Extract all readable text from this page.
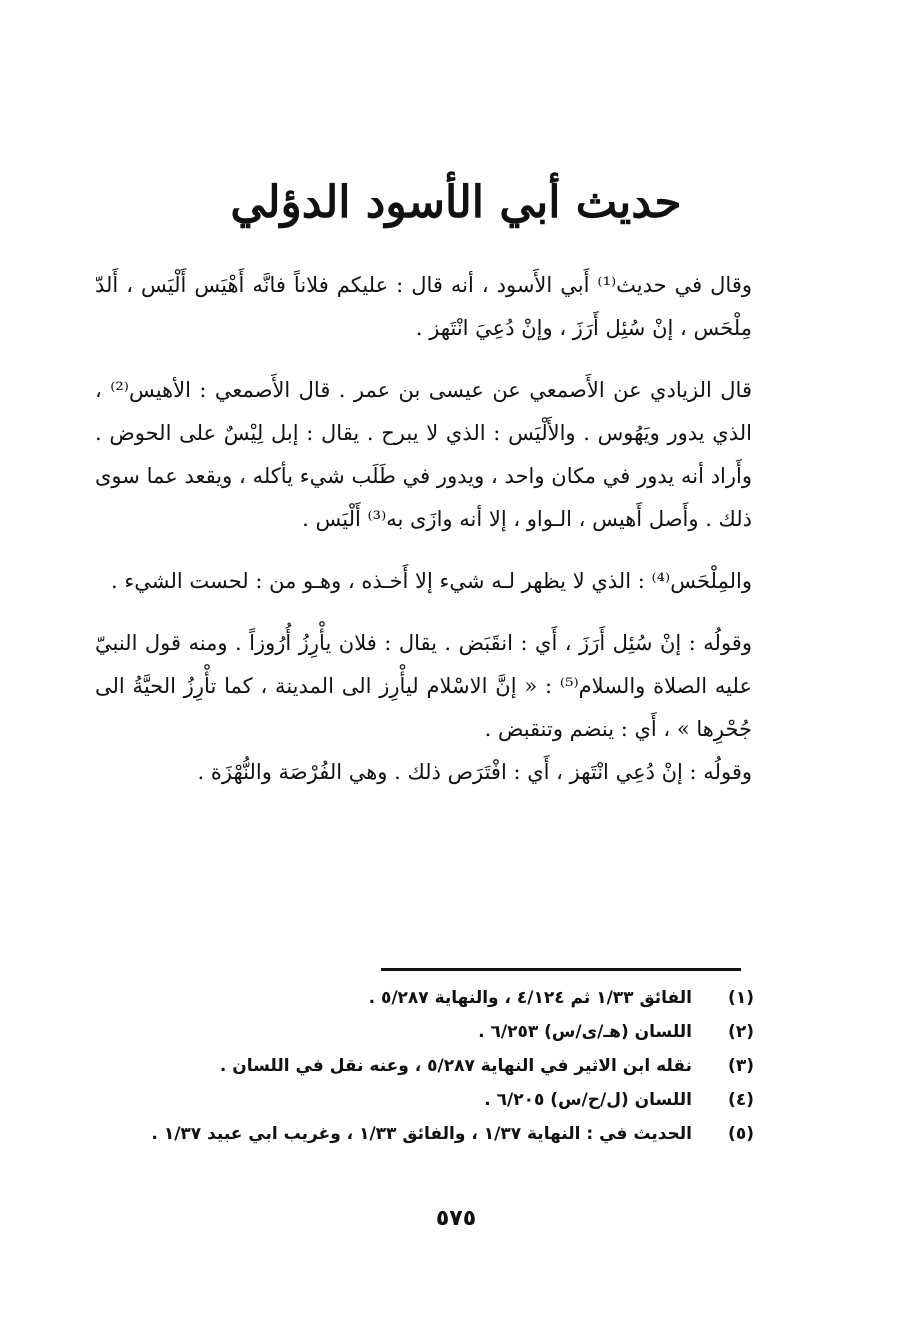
حديث أبي الأسود الدؤلي

وقال في حديث⁽¹⁾ أَبي الأَسود ، أنه قال : عليكم فلاناً فانَّه أَهْيَس أَلْيَس ، أَلدّ مِلْحَس ، إنْ سُئِل أَرَزَ ، وإنْ دُعِيَ انْتَهز .

قال الزيادي عن الأَصمعي عن عيسى بن عمر . قال الأَصمعي : الأهيس⁽²⁾ ، الذي يدور ويَهُوس . والأَلْيَس : الذي لا يبرح . يقال : إبل لِيْسٌ على الحوض . وأَراد أنه يدور في مكان واحد ، ويدور في طَلَب شيء يأكله ، ويقعد عما سوى ذلك . وأَصل أَهيس ، الـواو ، إلا أنه وازَى به⁽³⁾ أَلْيَس .

والمِلْحَس⁽⁴⁾ : الذي لا يظهر لـه شيء إلا أَخـذه ، وهـو من : لحست الشيء .

وقولُه : إنْ سُئِل أَرَزَ ، أَي : انقَبَض . يقال : فلان يأْرِزُ أُرُوزاً . ومنه قول النبيّ عليه الصلاة والسلام⁽⁵⁾ : « إنَّ الاسْلام ليأْرِز الى المدينة ، كما تأْرِزُ الحيَّةُ الى جُحْرِها » ، أَي : ينضم وتنقبض .

وقولُه : إنْ دُعِي انْتَهز ، أَي : افْتَرَص ذلك . وهي الفُرْصَة والنُّهْزَة .

(١)
الفائق ١/٣٣ ثم ٤/١٢٤ ، والنهاية ٥/٢٨٧ .
(٢)
اللسان (هـ/ى/س) ٦/٢٥٣ .
(٣)
نقله ابن الاثير في النهاية ٥/٢٨٧ ، وعنه نقل في اللسان .
(٤)
اللسان (ل/ح/س) ٦/٢٠٥ .
(٥)
الحديث في : النهاية ١/٣٧ ، والفائق ١/٣٣ ، وغريب ابي عبيد ١/٣٧ .
٥٧٥
